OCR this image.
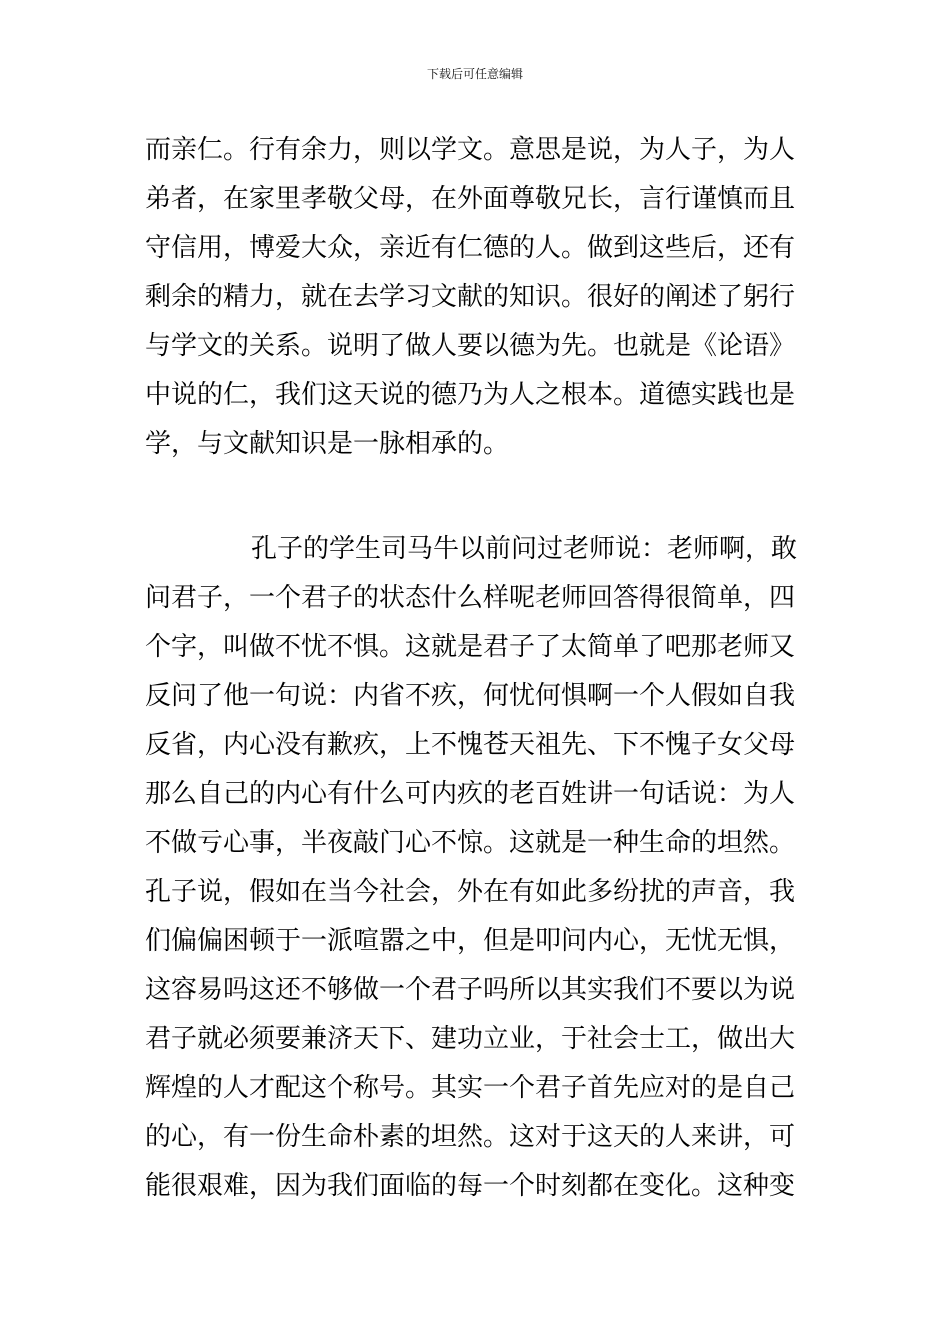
下载后可任意编辑
而亲仁。行有余力，则以学文。意思是说，为人子，为人
弟者，在家里孝敬父母，在外面尊敬兄长，言行谨慎而且
守信用，博爱大众，亲近有仁德的人。做到这些后，还有
剩余的精力，就在去学习文献的知识。很好的阐述了躬行
与学文的关系。说明了做人要以德为先。也就是《论语》
中说的仁，我们这天说的德乃为人之根本。道德实践也是
学，与文献知识是一脉相承的。
孔子的学生司马牛以前问过老师说：老师啊，敢
问君子，一个君子的状态什么样呢老师回答得很简单，四
个字，叫做不忧不惧。这就是君子了太简单了吧那老师又
反问了他一句说：内省不疚，何忧何惧啊一个人假如自我
反省，内心没有歉疚，上不愧苍天祖先、下不愧子女父母
那么自己的内心有什么可内疚的老百姓讲一句话说：为人
不做亏心事，半夜敲门心不惊。这就是一种生命的坦然。
孔子说，假如在当今社会，外在有如此多纷扰的声音，我
们偏偏困顿于一派喧嚣之中，但是叩问内心，无忧无惧，
这容易吗这还不够做一个君子吗所以其实我们不要以为说
君子就必须要兼济天下、建功立业，于社会士工，做出大
辉煌的人才配这个称号。其实一个君子首先应对的是自己
的心，有一份生命朴素的坦然。这对于这天的人来讲，可
能很艰难，因为我们面临的每一个时刻都在变化。这种变
